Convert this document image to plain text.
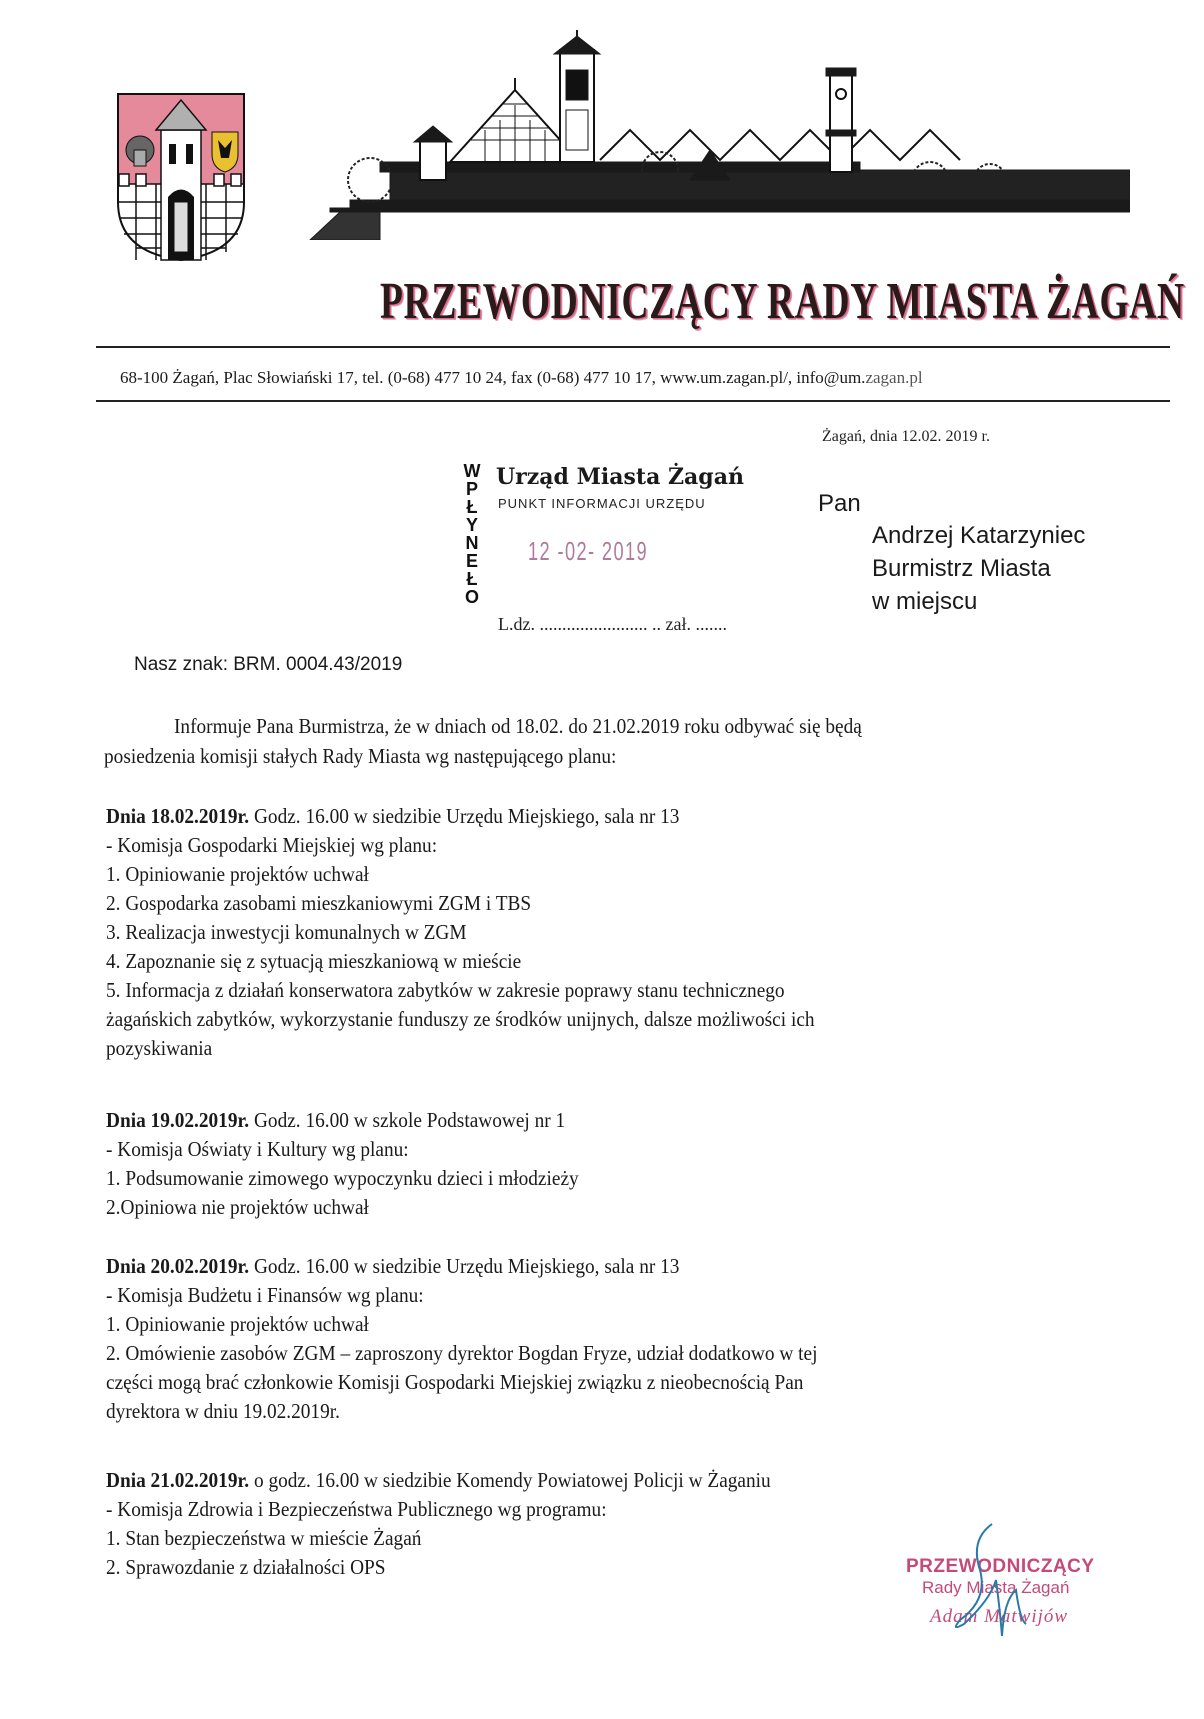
PRZEWODNICZĄCY RADY MIASTA ŻAGAŃ
68-100 Żagań, Plac Słowiański 17, tel. (0-68) 477 10 24, fax (0-68) 477 10 17, www.um.zagan.pl/, info@um.zagan.pl
Żagań, dnia 12.02. 2019 r.
W
P
Ł
Y
N
E
Ł
O
Urząd Miasta Żagań
PUNKT INFORMACJI URZĘDU
12 -02- 2019
L.dz. ........................ .. zał. .......
Pan
Andrzej Katarzyniec
Burmistrz Miasta
w miejscu
Nasz znak: BRM. 0004.43/2019
Informuje Pana Burmistrza, że w dniach od 18.02. do 21.02.2019 roku odbywać się będą
posiedzenia komisji stałych Rady Miasta wg następującego planu:
Dnia 18.02.2019r. Godz. 16.00 w siedzibie Urzędu Miejskiego, sala nr 13
- Komisja Gospodarki Miejskiej wg planu:
1. Opiniowanie projektów uchwał
2. Gospodarka zasobami mieszkaniowymi ZGM i TBS
3. Realizacja inwestycji komunalnych w ZGM
4. Zapoznanie się z sytuacją mieszkaniową w mieście
5. Informacja z działań konserwatora zabytków w zakresie poprawy stanu technicznego
żagańskich zabytków, wykorzystanie funduszy ze środków unijnych, dalsze możliwości ich
pozyskiwania
Dnia 19.02.2019r. Godz. 16.00 w szkole Podstawowej nr 1
- Komisja Oświaty i Kultury wg planu:
1. Podsumowanie zimowego wypoczynku dzieci i młodzieży
2.Opiniowa nie projektów uchwał
Dnia 20.02.2019r. Godz. 16.00 w siedzibie Urzędu Miejskiego, sala nr 13
- Komisja Budżetu i Finansów wg planu:
1. Opiniowanie projektów uchwał
2. Omówienie zasobów ZGM – zaproszony dyrektor Bogdan Fryze, udział dodatkowo w tej
części mogą brać członkowie Komisji Gospodarki Miejskiej związku z nieobecnością Pan
dyrektora w dniu 19.02.2019r.
Dnia 21.02.2019r. o godz. 16.00 w siedzibie Komendy Powiatowej Policji w Żaganiu
- Komisja Zdrowia i Bezpieczeństwa Publicznego wg programu:
1. Stan bezpieczeństwa w mieście Żagań
2. Sprawozdanie z działalności OPS	PRZEWODNICZĄCY
Rady Miasta Żagań
Adam Matwijów
